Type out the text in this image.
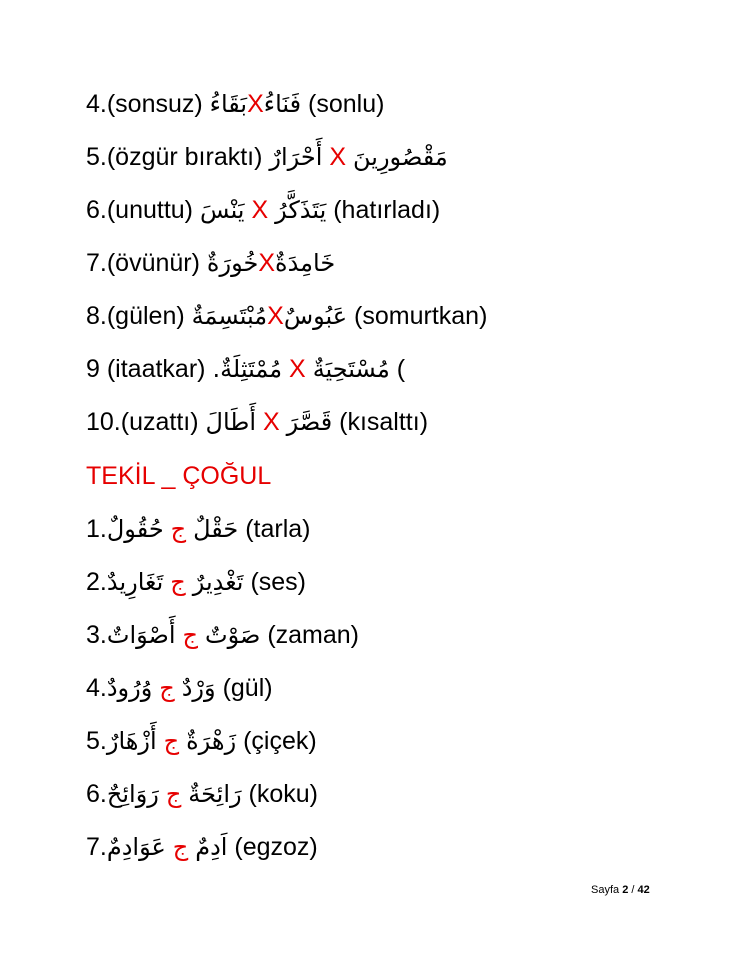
4.(sonsuz) بَقَاءُXفَنَاءُ (sonlu)
5.(özgür bıraktı) أَحْرَارٌ X مَقْصُورِينَ
6.(unuttu) يَنْسَ X يَتَذَكَّرُ (hatırladı)
7.(övünür) خُورَةٌXخَامِدَةٌ
8.(gülen) مُبْتَسِمَةٌXعَبُوسٌ (somurtkan)
9 (itaatkar) مُمْتَثِلَةٌ. X مُسْتَحِيَةٌ (
10.(uzattı) أَطَالَ X قَصَّرَ (kısalttı)
TEKİL _ ÇOĞUL
1.حُقُولٌ ج حَقْلٌ (tarla)
2.تَغَارِيدٌ ج تَغْدِيرٌ (ses)
3.أَصْوَاتٌ ج صَوْتٌ (zaman)
4.وُرُودٌ ج وَرْدٌ (gül)
5.أَزْهَارٌ ج زَهْرَةٌ (çiçek)
6.رَوَائِحٌ ج رَائِحَةٌ (koku)
7.عَوَادِمٌ ج اَدِمٌ (egzoz)
Sayfa 2 / 42
